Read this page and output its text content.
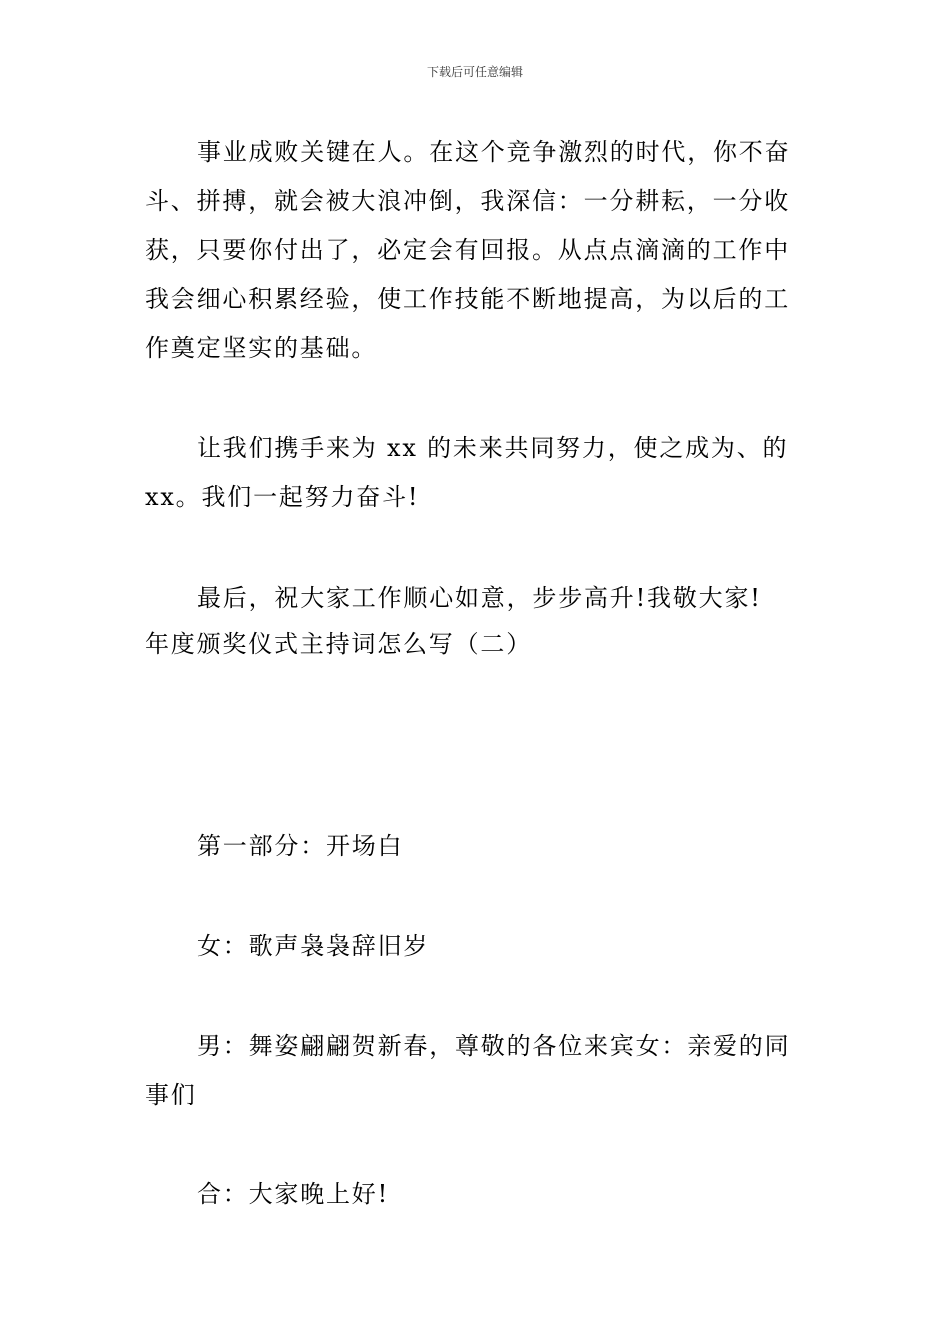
下载后可任意编辑
事业成败关键在人。在这个竞争激烈的时代，你不奋
斗、拼搏，就会被大浪冲倒，我深信：一分耕耘，一分收
获，只要你付出了，必定会有回报。从点点滴滴的工作中
我会细心积累经验，使工作技能不断地提高，为以后的工
作奠定坚实的基础。
让我们携手来为 xx 的未来共同努力，使之成为、的
xx。我们一起努力奋斗!
最后，祝大家工作顺心如意，步步高升!我敬大家!
年度颁奖仪式主持词怎么写（二）
第一部分：开场白
女：歌声袅袅辞旧岁
男：舞姿翩翩贺新春，尊敬的各位来宾女：亲爱的同
事们
合：大家晚上好!
